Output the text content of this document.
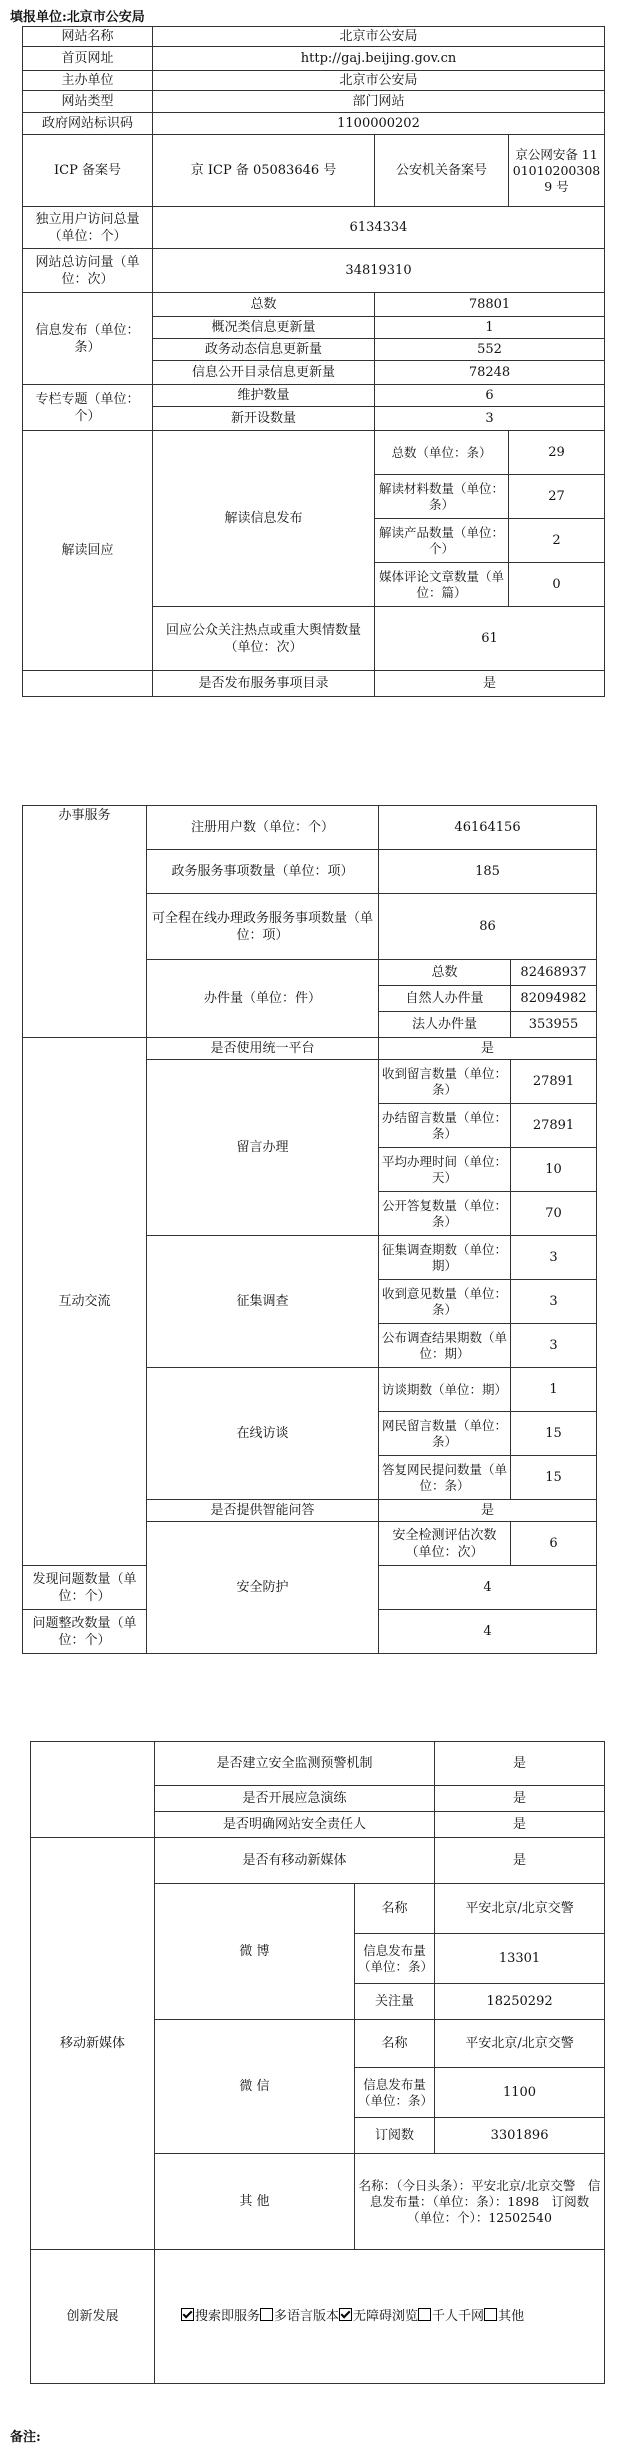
填报单位:北京市公安局
网站名称	北京市公安局		
首页网址	http://gaj.beijing.gov.cn		
主办单位	北京市公安局		
网站类型	部门网站		
政府网站标识码	1100000202		
ICP 备案号	京 ICP 备 05083646 号	公安机关备案号	京公网安备 11010102003089 号
独立用户访问总量（单位：个）	6134334		
网站总访问量（单位：次）	34819310		
信息发布（单位：条）	总数	78801	
	概况类信息更新量	1	
	政务动态信息更新量	552	
	信息公开目录信息更新量	78248	
专栏专题（单位：个）	维护数量	6	
	新开设数量	3	
解读回应	解读信息发布	总数（单位：条）	29
		解读材料数量（单位：条）	27
		解读产品数量（单位：个）	2
		媒体评论文章数量（单位：篇）	0
	回应公众关注热点或重大舆情数量（单位：次）	61	
	是否发布服务事项目录	是	
办事服务	注册用户数（单位：个）	46164156	
	政务服务事项数量（单位：项）	185	
	可全程在线办理政务服务事项数量（单位：项）	86	
	办件量（单位：件）	总数	82468937
		自然人办件量	82094982
		法人办件量	353955
互动交流	是否使用统一平台	是	
	留言办理	收到留言数量（单位：条）	27891
		办结留言数量（单位：条）	27891
		平均办理时间（单位：天）	10
		公开答复数量（单位：条）	70
	征集调查	征集调查期数（单位：期）	3
		收到意见数量（单位：条）	3
		公布调查结果期数（单位：期）	3
	在线访谈	访谈期数（单位：期）	1
		网民留言数量（单位：条）	15
		答复网民提问数量（单位：条）	15
	是否提供智能问答	是	
	安全防护	安全检测评估次数（单位：次）	6
发现问题数量（单位：个）		4	
问题整改数量（单位：个）		4	
	是否建立安全监测预警机制		是
	是否开展应急演练		是
	是否明确网站安全责任人		是
移动新媒体	是否有移动新媒体		是
	微 博	名称	平安北京/北京交警
		信息发布量（单位：条）	13301
		关注量	18250292
	微 信	名称	平安北京/北京交警
		信息发布量（单位：条）	1100
		订阅数	3301896
	其 他	名称：（今日头条）：平安北京/北京交警　信息发布量：（单位：条）：1898　订阅数（单位：个）：12502540	
创新发展	搜索即服务 多语言版本 无障碍浏览 千人千网 其他		
备注:
